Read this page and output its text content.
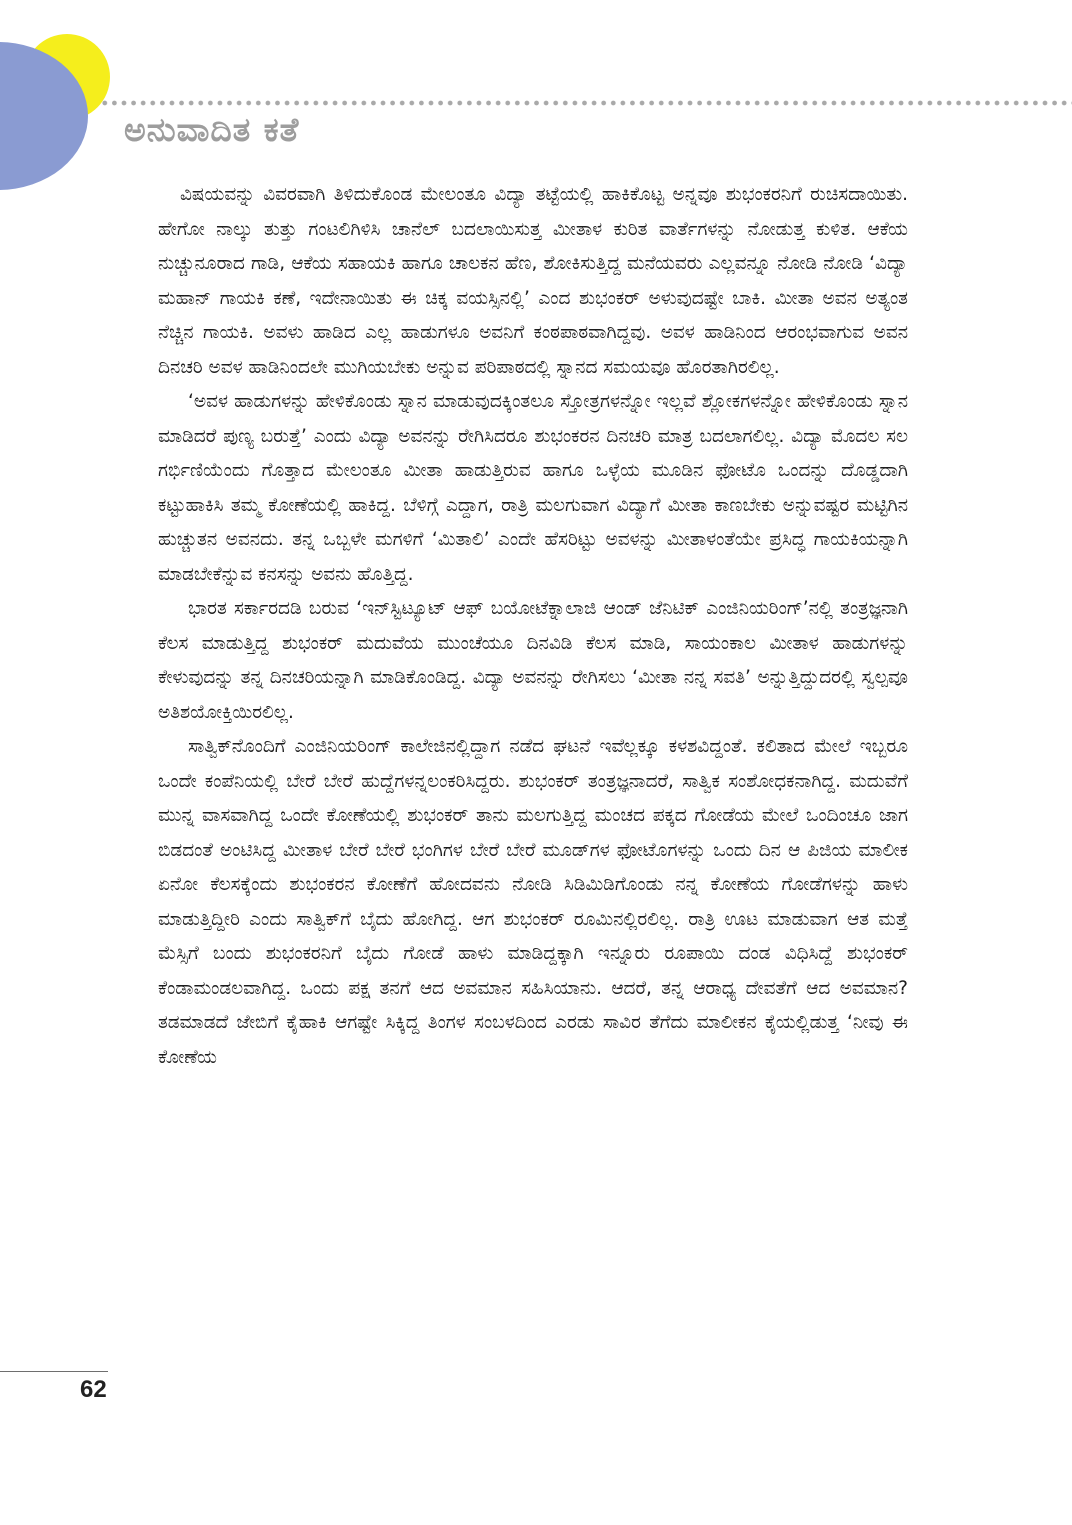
ಅನುವಾದಿತ ಕತೆ

ವಿಷಯವನ್ನು ವಿವರವಾಗಿ ತಿಳಿದುಕೊಂಡ ಮೇಲಂತೂ ವಿದ್ಯಾ ತಟ್ಟೆಯಲ್ಲಿ ಹಾಕಿಕೊಟ್ಟ ಅನ್ನವೂ ಶುಭಂಕರನಿಗೆ ರುಚಿಸದಾಯಿತು. ಹೇಗೋ ನಾಲ್ಕು ತುತ್ತು ಗಂಟಲಿಗಿಳಿಸಿ ಚಾನೆಲ್ ಬದಲಾಯಿಸುತ್ತ ಮೀತಾಳ ಕುರಿತ ವಾರ್ತೆಗಳನ್ನು ನೋಡುತ್ತ ಕುಳಿತ. ಆಕೆಯ ನುಚ್ಚುನೂರಾದ ಗಾಡಿ, ಆಕೆಯ ಸಹಾಯಕಿ ಹಾಗೂ ಚಾಲಕನ ಹೆಣ, ಶೋಕಿಸುತ್ತಿದ್ದ ಮನೆಯವರು ಎಲ್ಲವನ್ನೂ ನೋಡಿ ನೋಡಿ ‘ವಿದ್ಯಾ ಮಹಾನ್ ಗಾಯಕಿ ಕಣೆ, ಇದೇನಾಯಿತು ಈ ಚಿಕ್ಕ ವಯಸ್ಸಿನಲ್ಲಿ’ ಎಂದ ಶುಭಂಕರ್ ಅಳುವುದಷ್ಟೇ ಬಾಕಿ. ಮೀತಾ ಅವನ ಅತ್ಯಂತ ನೆಚ್ಚಿನ ಗಾಯಕಿ. ಅವಳು ಹಾಡಿದ ಎಲ್ಲ ಹಾಡುಗಳೂ ಅವನಿಗೆ ಕಂಠಪಾಠವಾಗಿದ್ದವು. ಅವಳ ಹಾಡಿನಿಂದ ಆರಂಭವಾಗುವ ಅವನ ದಿನಚರಿ ಅವಳ ಹಾಡಿನಿಂದಲೇ ಮುಗಿಯಬೇಕು ಅನ್ನುವ ಪರಿಪಾಠದಲ್ಲಿ ಸ್ನಾನದ ಸಮಯವೂ ಹೊರತಾಗಿರಲಿಲ್ಲ.

‘ಅವಳ ಹಾಡುಗಳನ್ನು ಹೇಳಿಕೊಂಡು ಸ್ನಾನ ಮಾಡುವುದಕ್ಕಿಂತಲೂ ಸ್ತೋತ್ರಗಳನ್ನೋ ಇಲ್ಲವೆ ಶ್ಲೋಕಗಳನ್ನೋ ಹೇಳಿಕೊಂಡು ಸ್ನಾನ ಮಾಡಿದರೆ ಪುಣ್ಯ ಬರುತ್ತೆ’ ಎಂದು ವಿದ್ಯಾ ಅವನನ್ನು ರೇಗಿಸಿದರೂ ಶುಭಂಕರನ ದಿನಚರಿ ಮಾತ್ರ ಬದಲಾಗಲಿಲ್ಲ. ವಿದ್ಯಾ ಮೊದಲ ಸಲ ಗರ್ಭಿಣಿಯೆಂದು ಗೊತ್ತಾದ ಮೇಲಂತೂ ಮೀತಾ ಹಾಡುತ್ತಿರುವ ಹಾಗೂ ಒಳ್ಳೆಯ ಮೂಡಿನ ಫೋಟೊ ಒಂದನ್ನು ದೊಡ್ಡದಾಗಿ ಕಟ್ಟುಹಾಕಿಸಿ ತಮ್ಮ ಕೋಣೆಯಲ್ಲಿ ಹಾಕಿದ್ದ. ಬೆಳಿಗ್ಗೆ ಎದ್ದಾಗ, ರಾತ್ರಿ ಮಲಗುವಾಗ ವಿದ್ಯಾಗೆ ಮೀತಾ ಕಾಣಬೇಕು ಅನ್ನುವಷ್ಟರ ಮಟ್ಟಿಗಿನ ಹುಚ್ಚುತನ ಅವನದು. ತನ್ನ ಒಬ್ಬಳೇ ಮಗಳಿಗೆ ‘ಮಿತಾಲಿ’ ಎಂದೇ ಹೆಸರಿಟ್ಟು ಅವಳನ್ನು ಮೀತಾಳಂತೆಯೇ ಪ್ರಸಿದ್ಧ ಗಾಯಕಿಯನ್ನಾಗಿ ಮಾಡಬೇಕೆನ್ನುವ ಕನಸನ್ನು ಅವನು ಹೊತ್ತಿದ್ದ.

ಭಾರತ ಸರ್ಕಾರದಡಿ ಬರುವ ‘ಇನ್‌ಸ್ಟಿಟ್ಯೂಟ್ ಆಫ್ ಬಯೋಟೆಕ್ನಾಲಾಜಿ ಆಂಡ್ ಜೆನಿಟಿಕ್ ಎಂಜಿನಿಯರಿಂಗ್’ನಲ್ಲಿ ತಂತ್ರಜ್ಞನಾಗಿ ಕೆಲಸ ಮಾಡುತ್ತಿದ್ದ ಶುಭಂಕರ್ ಮದುವೆಯ ಮುಂಚೆಯೂ ದಿನವಿಡಿ ಕೆಲಸ ಮಾಡಿ, ಸಾಯಂಕಾಲ ಮೀತಾಳ ಹಾಡುಗಳನ್ನು ಕೇಳುವುದನ್ನು ತನ್ನ ದಿನಚರಿಯನ್ನಾಗಿ ಮಾಡಿಕೊಂಡಿದ್ದ. ವಿದ್ಯಾ ಅವನನ್ನು ರೇಗಿಸಲು ‘ಮೀತಾ ನನ್ನ ಸವತಿ’ ಅನ್ನುತ್ತಿದ್ದುದರಲ್ಲಿ ಸ್ವಲ್ಪವೂ ಅತಿಶಯೋಕ್ತಿಯಿರಲಿಲ್ಲ.

ಸಾತ್ವಿಕ್‌ನೊಂದಿಗೆ ಎಂಜಿನಿಯರಿಂಗ್ ಕಾಲೇಜಿನಲ್ಲಿದ್ದಾಗ ನಡೆದ ಘಟನೆ ಇವೆಲ್ಲಕ್ಕೂ ಕಳಶವಿದ್ದಂತೆ. ಕಲಿತಾದ ಮೇಲೆ ಇಬ್ಬರೂ ಒಂದೇ ಕಂಪೆನಿಯಲ್ಲಿ ಬೇರೆ ಬೇರೆ ಹುದ್ದೆಗಳನ್ನಲಂಕರಿಸಿದ್ದರು. ಶುಭಂಕರ್ ತಂತ್ರಜ್ಞನಾದರೆ, ಸಾತ್ವಿಕ ಸಂಶೋಧಕನಾಗಿದ್ದ. ಮದುವೆಗೆ ಮುನ್ನ ವಾಸವಾಗಿದ್ದ ಒಂದೇ ಕೋಣೆಯಲ್ಲಿ ಶುಭಂಕರ್ ತಾನು ಮಲಗುತ್ತಿದ್ದ ಮಂಚದ ಪಕ್ಕದ ಗೋಡೆಯ ಮೇಲೆ ಒಂದಿಂಚೂ ಜಾಗ ಬಿಡದಂತೆ ಅಂಟಿಸಿದ್ದ ಮೀತಾಳ ಬೇರೆ ಬೇರೆ ಭಂಗಿಗಳ ಬೇರೆ ಬೇರೆ ಮೂಡ್‌ಗಳ ಫೋಟೊಗಳನ್ನು ಒಂದು ದಿನ ಆ ಪಿಜಿಯ ಮಾಲೀಕ ಏನೋ ಕೆಲಸಕ್ಕೆಂದು ಶುಭಂಕರನ ಕೋಣೆಗೆ ಹೋದವನು ನೋಡಿ ಸಿಡಿಮಿಡಿಗೊಂಡು ನನ್ನ ಕೋಣೆಯ ಗೋಡೆಗಳನ್ನು ಹಾಳು ಮಾಡುತ್ತಿದ್ದೀರಿ ಎಂದು ಸಾತ್ವಿಕ್‌ಗೆ ಬೈದು ಹೋಗಿದ್ದ. ಆಗ ಶುಭಂಕರ್ ರೂಮಿನಲ್ಲಿರಲಿಲ್ಲ. ರಾತ್ರಿ ಊಟ ಮಾಡುವಾಗ ಆತ ಮತ್ತೆ ಮೆಸ್ಸಿಗೆ ಬಂದು ಶುಭಂಕರನಿಗೆ ಬೈದು ಗೋಡೆ ಹಾಳು ಮಾಡಿದ್ದಕ್ಕಾಗಿ ಇನ್ನೂರು ರೂಪಾಯಿ ದಂಡ ವಿಧಿಸಿದ್ದೆ ಶುಭಂಕರ್ ಕೆಂಡಾಮಂಡಲವಾಗಿದ್ದ. ಒಂದು ಪಕ್ಷ ತನಗೆ ಆದ ಅವಮಾನ ಸಹಿಸಿಯಾನು. ಆದರೆ, ತನ್ನ ಆರಾಧ್ಯ ದೇವತೆಗೆ ಆದ ಅವಮಾನ? ತಡಮಾಡದೆ ಜೇಬಿಗೆ ಕೈಹಾಕಿ ಆಗಷ್ಟೇ ಸಿಕ್ಕಿದ್ದ ತಿಂಗಳ ಸಂಬಳದಿಂದ ಎರಡು ಸಾವಿರ ತೆಗೆದು ಮಾಲೀಕನ ಕೈಯಲ್ಲಿಡುತ್ತ ‘ನೀವು ಈ ಕೋಣೆಯ

62
